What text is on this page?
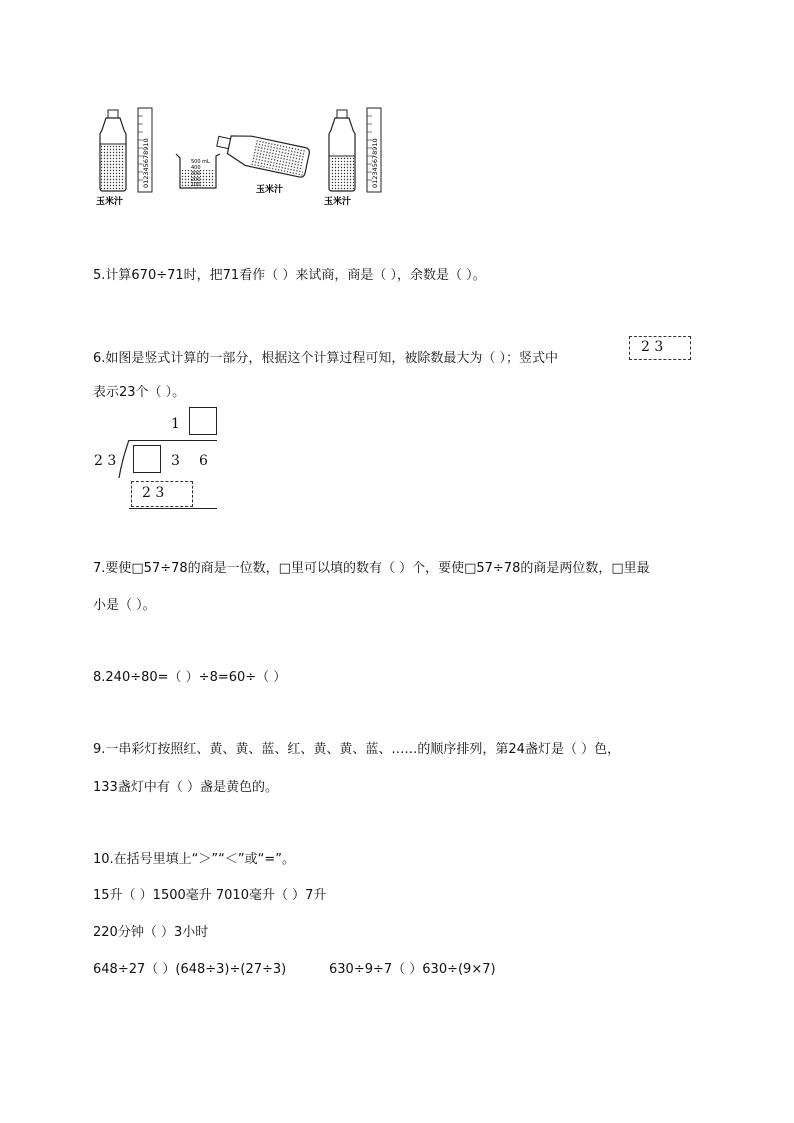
012345678910	500 mL
400
300
200
100	玉米汁
012345678910
玉米汁	玉米汁
5.计算670÷71时，把71看作（ ）来试商，商是（ ），余数是（ ）。
6.如图是竖式计算的一部分，根据这个计算过程可知，被除数最大为（ ）；竖式中
2 3
表示23个（ ）。
1
2 3	3 6
2 3
7.要使□57÷78的商是一位数，□里可以填的数有（ ）个，要使□57÷78的商是两位数，□里最
小是（ ）。
8.240÷80=（ ）÷8=60÷（ ）
9.一串彩灯按照红、黄、黄、蓝、红、黄、黄、蓝、……的顺序排列，第24盏灯是（ ）色，
133盏灯中有（ ）盏是黄色的。
10.在括号里填上“＞”“＜”或“=”。
15升（ ）1500毫升 7010毫升（ ）7升
220分钟（ ）3小时
648÷27（ ）(648÷3)÷(27÷3)	630÷9÷7（ ）630÷(9×7)
